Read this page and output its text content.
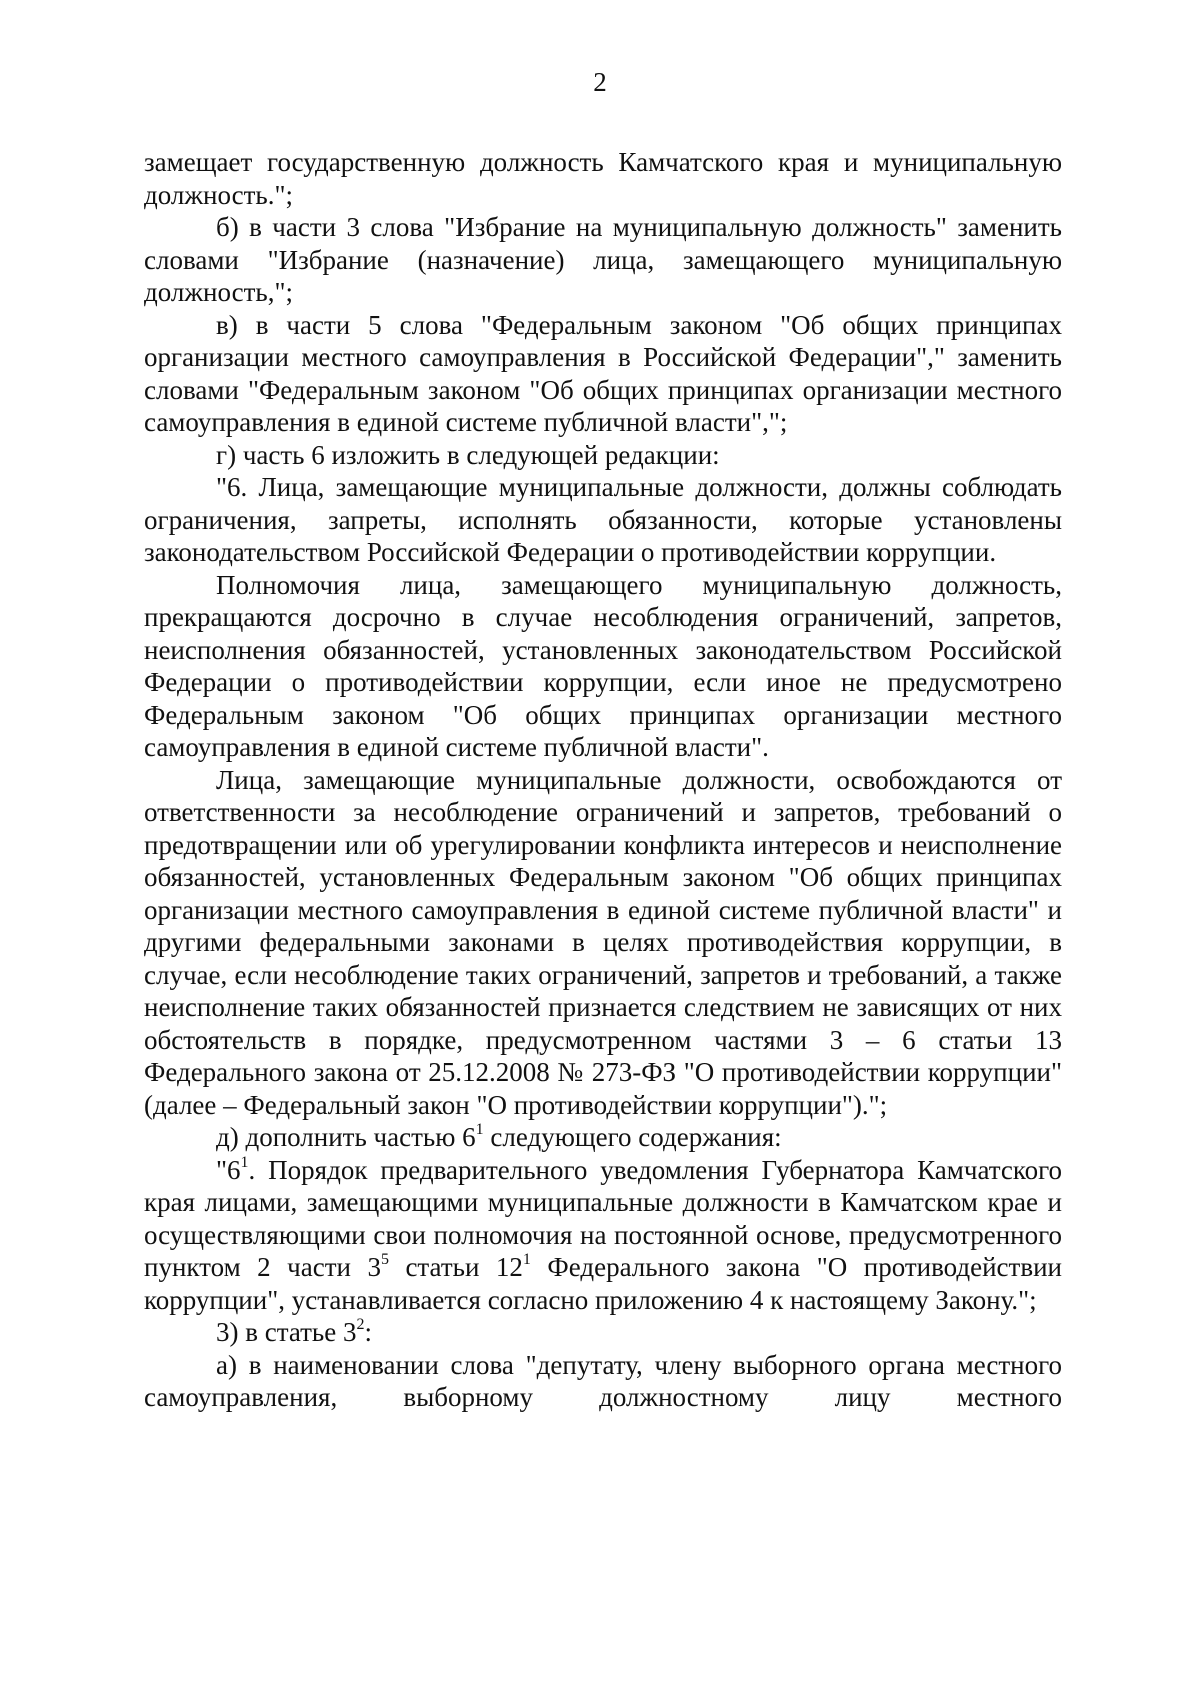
2

замещает государственную должность Камчатского края и муниципальную должность.";

б) в части 3 слова "Избрание на муниципальную должность" заменить словами "Избрание (назначение) лица, замещающего муниципальную должность,";

в) в части 5 слова "Федеральным законом "Об общих принципах организации местного самоуправления в Российской Федерации"," заменить словами "Федеральным законом "Об общих принципах организации местного самоуправления в единой системе публичной власти",";

г) часть 6 изложить в следующей редакции:

"6. Лица, замещающие муниципальные должности, должны соблюдать ограничения, запреты, исполнять обязанности, которые установлены законодательством Российской Федерации о противодействии коррупции.

Полномочия лица, замещающего муниципальную должность, прекращаются досрочно в случае несоблюдения ограничений, запретов, неисполнения обязанностей, установленных законодательством Российской Федерации о противодействии коррупции, если иное не предусмотрено Федеральным законом "Об общих принципах организации местного самоуправления в единой системе публичной власти".

Лица, замещающие муниципальные должности, освобождаются от ответственности за несоблюдение ограничений и запретов, требований о предотвращении или об урегулировании конфликта интересов и неисполнение обязанностей, установленных Федеральным законом "Об общих принципах организации местного самоуправления в единой системе публичной власти" и другими федеральными законами в целях противодействия коррупции, в случае, если несоблюдение таких ограничений, запретов и требований, а также неисполнение таких обязанностей признается следствием не зависящих от них обстоятельств в порядке, предусмотренном частями 3 – 6 статьи 13 Федерального закона от 25.12.2008 № 273-ФЗ "О противодействии коррупции" (далее – Федеральный закон "О противодействии коррупции").";

д) дополнить частью $6^1$ следующего содержания:

"$6^1$. Порядок предварительного уведомления Губернатора Камчатского края лицами, замещающими муниципальные должности в Камчатском крае и осуществляющими свои полномочия на постоянной основе, предусмотренного пунктом 2 части $3^5$ статьи $12^1$ Федерального закона "О противодействии коррупции", устанавливается согласно приложению 4 к настоящему Закону.";

3) в статье $3^2$:

а) в наименовании слова "депутату, члену выборного органа местного самоуправления, выборному должностному лицу местного
